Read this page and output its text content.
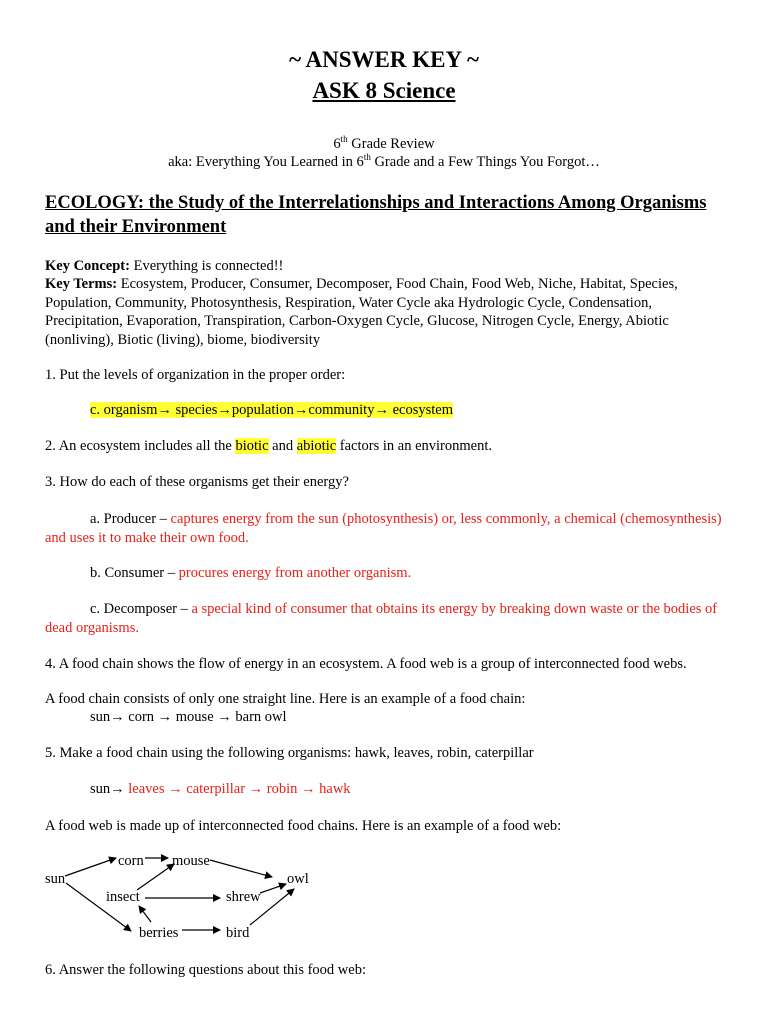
~ ANSWER KEY ~
ASK 8 Science
6th Grade Review
aka: Everything You Learned in 6th Grade and a Few Things You Forgot…
ECOLOGY: the Study of the Interrelationships and Interactions Among Organisms and their Environment
Key Concept: Everything is connected!!
Key Terms: Ecosystem, Producer, Consumer, Decomposer, Food Chain, Food Web, Niche, Habitat, Species, Population, Community, Photosynthesis, Respiration, Water Cycle aka Hydrologic Cycle, Condensation, Precipitation, Evaporation, Transpiration, Carbon-Oxygen Cycle, Glucose, Nitrogen Cycle, Energy, Abiotic (nonliving), Biotic (living), biome, biodiversity
1. Put the levels of organization in the proper order:
c. organism→ species→population→community→ ecosystem
2. An ecosystem includes all the biotic and abiotic factors in an environment.
3. How do each of these organisms get their energy?
a. Producer – captures energy from the sun (photosynthesis) or, less commonly, a chemical (chemosynthesis) and uses it to make their own food.
b. Consumer – procures energy from another organism.
c. Decomposer – a special kind of consumer that obtains its energy by breaking down waste or the bodies of dead organisms.
4. A food chain shows the flow of energy in an ecosystem. A food web is a group of interconnected food webs.
A food chain consists of only one straight line. Here is an example of a food chain:
sun→ corn → mouse → barn owl
5. Make a food chain using the following organisms: hawk, leaves, robin, caterpillar
sun→ leaves → caterpillar → robin → hawk
A food web is made up of interconnected food chains. Here is an example of a food web:
sun
corn mouse
owl
insect	shrew
berries	bird
6. Answer the following questions about this food web:
